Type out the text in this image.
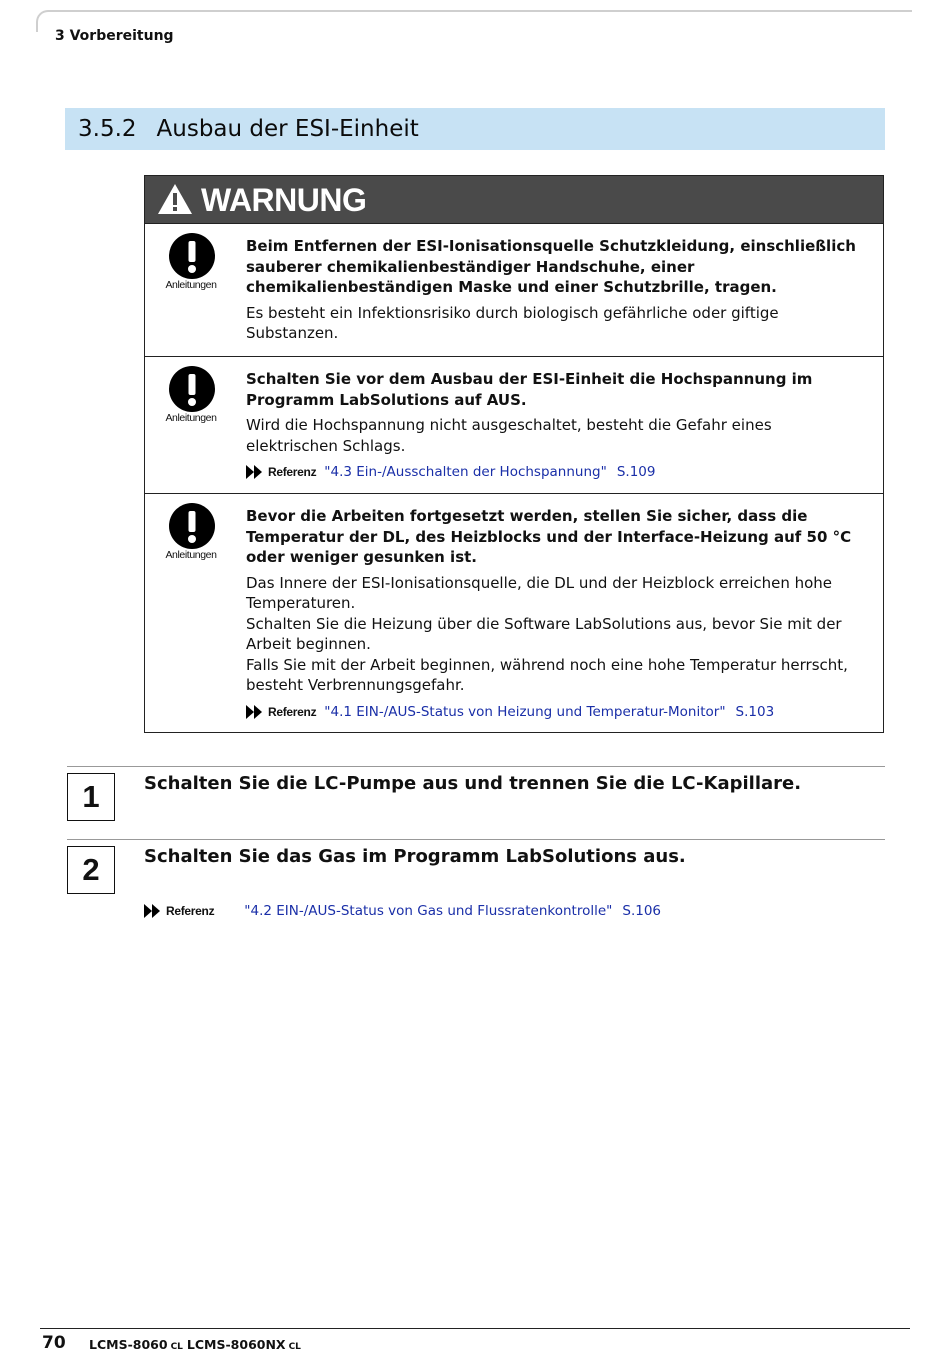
3 Vorbereitung
3.5.2 Ausbau der ESI-Einheit
WARNUNG
Anleitungen
Beim Entfernen der ESI-Ionisationsquelle Schutzkleidung, einschließlich sauberer chemikalienbeständiger Handschuhe, einer chemikalienbeständigen Maske und einer Schutzbrille, tragen.
Es besteht ein Infektionsrisiko durch biologisch gefährliche oder giftige Substanzen.
Anleitungen
Schalten Sie vor dem Ausbau der ESI-Einheit die Hochspannung im Programm LabSolutions auf AUS.
Wird die Hochspannung nicht ausgeschaltet, besteht die Gefahr eines elektrischen Schlags.
Referenz "4.3 Ein-/Ausschalten der Hochspannung" S.109
Anleitungen
Bevor die Arbeiten fortgesetzt werden, stellen Sie sicher, dass die Temperatur der DL, des Heizblocks und der Interface-Heizung auf 50 °C oder weniger gesunken ist.
Das Innere der ESI-Ionisationsquelle, die DL und der Heizblock erreichen hohe Temperaturen.
Schalten Sie die Heizung über die Software LabSolutions aus, bevor Sie mit der Arbeit beginnen.
Falls Sie mit der Arbeit beginnen, während noch eine hohe Temperatur herrscht, besteht Verbrennungsgefahr.
Referenz "4.1 EIN-/AUS-Status von Heizung und Temperatur-Monitor" S.103
1	Schalten Sie die LC-Pumpe aus und trennen Sie die LC-Kapillare.
2	Schalten Sie das Gas im Programm LabSolutions aus.
Referenz "4.2 EIN-/AUS-Status von Gas und Flussratenkontrolle" S.106
70 LCMS-8060 CL LCMS-8060NX CL
